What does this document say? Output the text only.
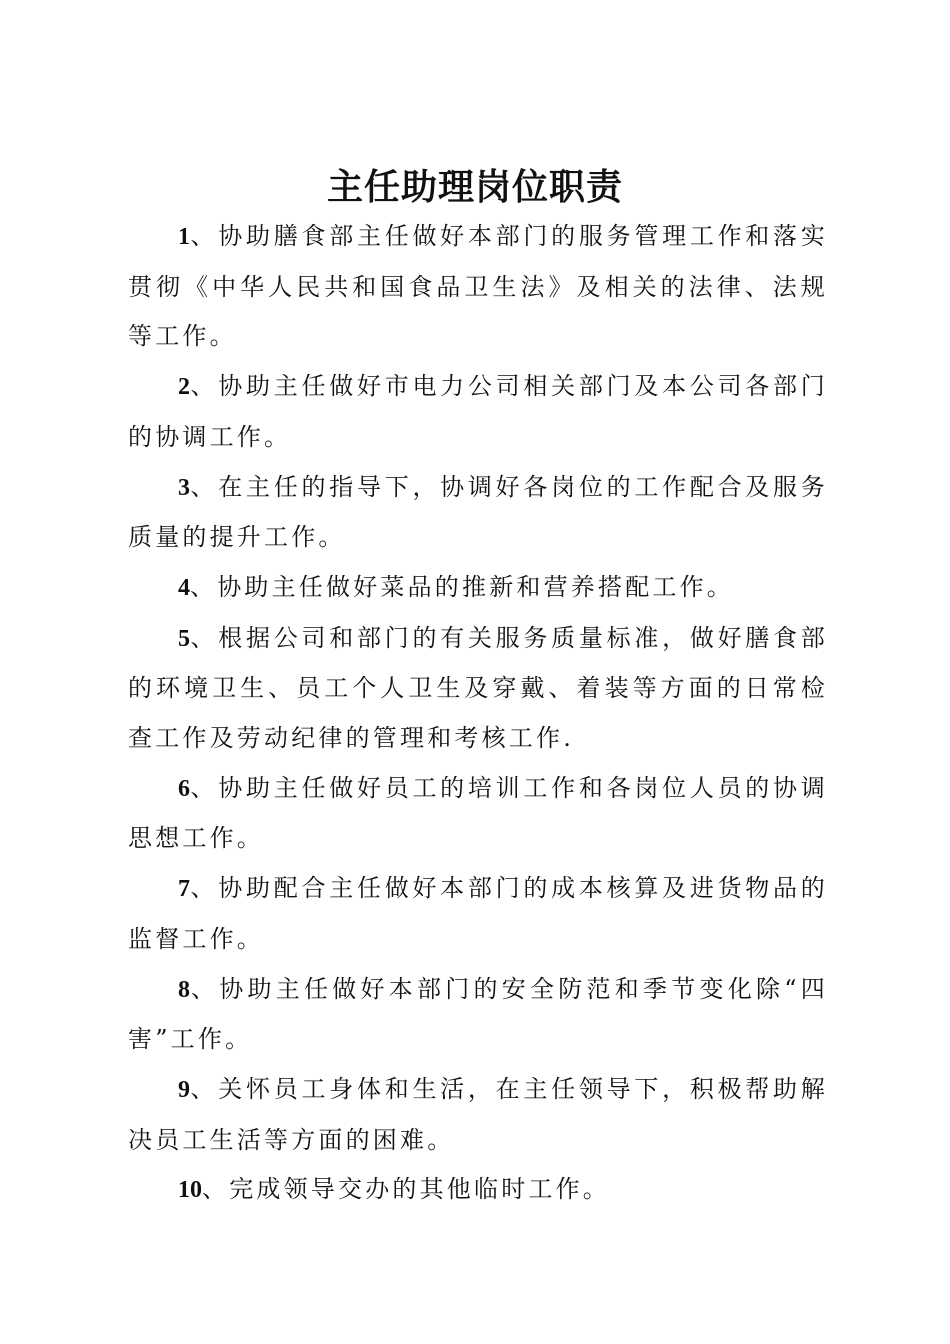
主任助理岗位职责
1、协助膳食部主任做好本部门的服务管理工作和落实贯彻《中华人民共和国食品卫生法》及相关的法律、法规等工作。
2、协助主任做好市电力公司相关部门及本公司各部门的协调工作。
3、在主任的指导下，协调好各岗位的工作配合及服务质量的提升工作。
4、协助主任做好菜品的推新和营养搭配工作。
5、根据公司和部门的有关服务质量标准，做好膳食部的环境卫生、员工个人卫生及穿戴、着装等方面的日常检查工作及劳动纪律的管理和考核工作.
6、协助主任做好员工的培训工作和各岗位人员的协调思想工作。
7、协助配合主任做好本部门的成本核算及进货物品的监督工作。
8、协助主任做好本部门的安全防范和季节变化除“四害”工作。
9、关怀员工身体和生活，在主任领导下，积极帮助解决员工生活等方面的困难。
10、完成领导交办的其他临时工作。
